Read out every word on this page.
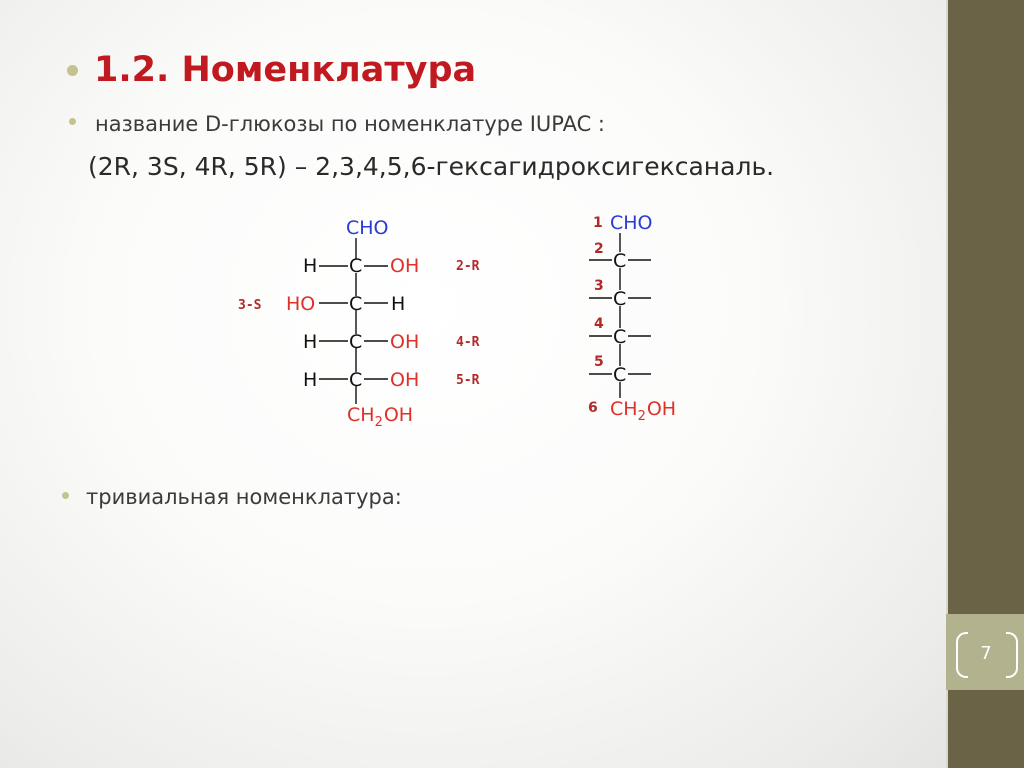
7
1.2. Номенклатура
название D-глюкозы по номенклатуре IUPAC :
(2R, 3S, 4R, 5R) – 2,3,4,5,6-гексагидроксигексаналь.
CHO
H C OH	2-R
3-S HO C H
H C OH	4-R
H C OH	5-R
$CH_2OH$
1 CHO
2
C
3
C
4
C
5
C
6 $CH_2OH$
тривиальная номенклатура:
